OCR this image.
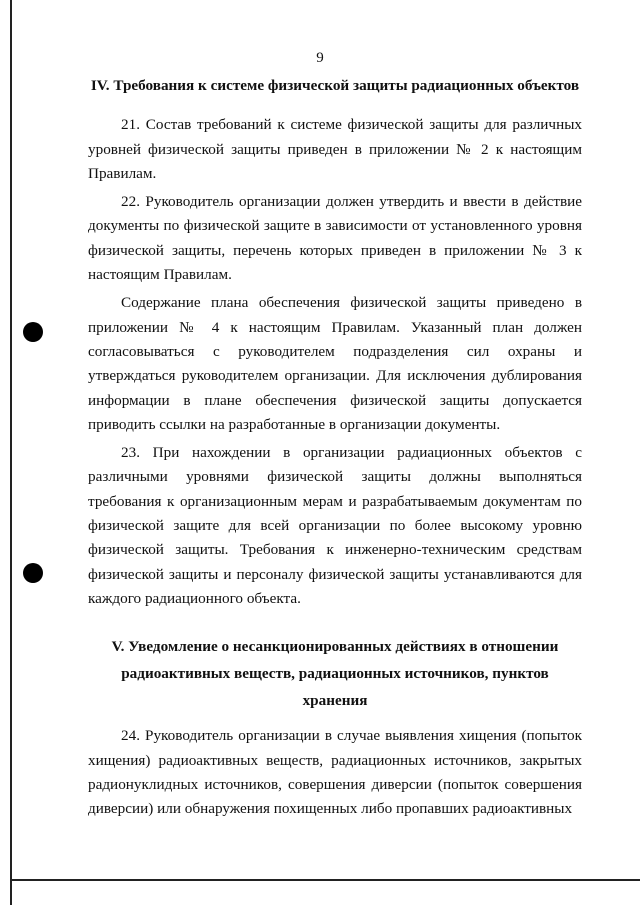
9

IV. Требования к системе физической защиты радиационных объектов

21. Состав требований к системе физической защиты для различных уровней физической защиты приведен в приложении № 2 к настоящим Правилам.

22. Руководитель организации должен утвердить и ввести в действие документы по физической защите в зависимости от установленного уровня физической защиты, перечень которых приведен в приложении № 3 к настоящим Правилам.

Содержание плана обеспечения физической защиты приведено в приложении № 4 к настоящим Правилам. Указанный план должен согласовываться с руководителем подразделения сил охраны и утверждаться руководителем организации. Для исключения дублирования информации в плане обеспечения физической защиты допускается приводить ссылки на разработанные в организации документы.

23. При нахождении в организации радиационных объектов с различными уровнями физической защиты должны выполняться требования к организационным мерам и разрабатываемым документам по физической защите для всей организации по более высокому уровню физической защиты. Требования к инженерно-техническим средствам физической защиты и персоналу физической защиты устанавливаются для каждого радиационного объекта.

V. Уведомление о несанкционированных действиях в отношении радиоактивных веществ, радиационных источников, пунктов хранения

24. Руководитель организации в случае выявления хищения (попыток хищения) радиоактивных веществ, радиационных источников, закрытых радионуклидных источников, совершения диверсии (попыток совершения диверсии) или обнаружения похищенных либо пропавших радиоактивных
